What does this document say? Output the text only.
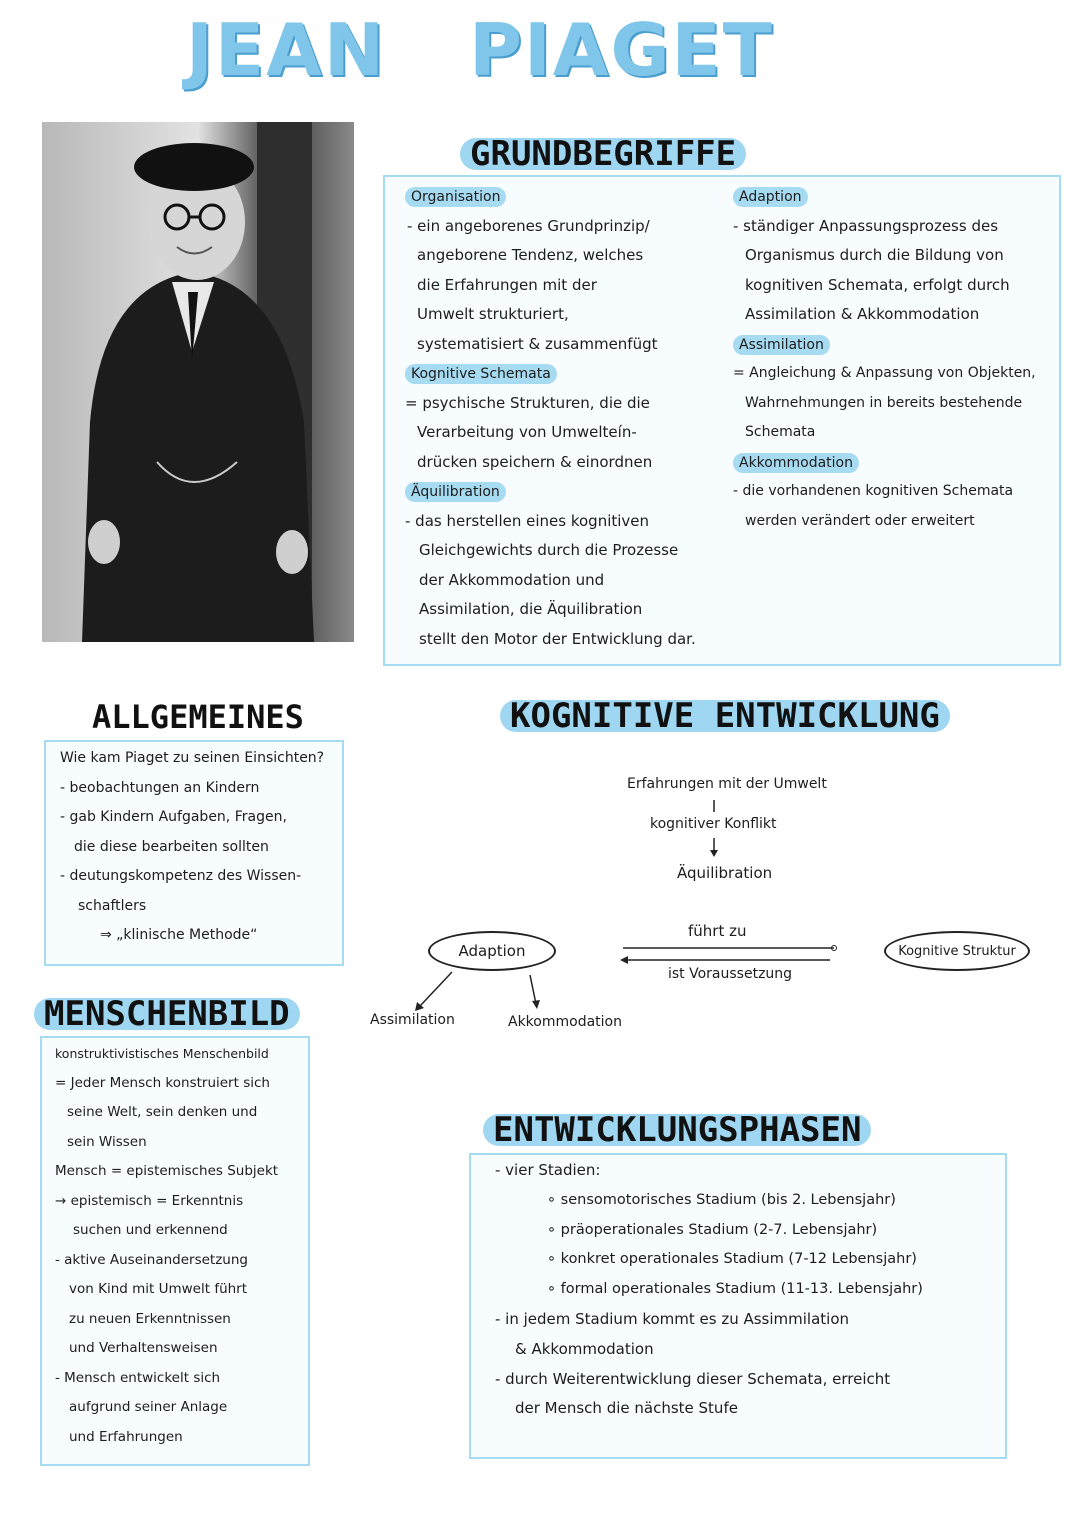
JEAN PIAGET
GRUNDBEGRIFFE
Organisation
- ein angeborenes Grundprinzip/
angeborene Tendenz, welches
die Erfahrungen mit der
Umwelt strukturiert,
systematisiert & zusammenfügt
Kognitive Schemata
= psychische Strukturen, die die
Verarbeitung von Umwelteín-
drücken speichern & einordnen
Äquilibration
- das herstellen eines kognitiven
Gleichgewichts durch die Prozesse
der Akkommodation und
Assimilation, die Äquilibration
stellt den Motor der Entwicklung dar.
Adaption
- ständiger Anpassungsprozess des
Organismus durch die Bildung von
kognitiven Schemata, erfolgt durch
Assimilation & Akkommodation
Assimilation
= Angleichung & Anpassung von Objekten,
Wahrnehmungen in bereits bestehende
Schemata
Akkommodation
- die vorhandenen kognitiven Schemata
werden verändert oder erweitert
ALLGEMEINES
Wie kam Piaget zu seinen Einsichten?
- beobachtungen an Kindern
- gab Kindern Aufgaben, Fragen,
die diese bearbeiten sollten
- deutungskompetenz des Wissen-
schaftlers
⇒ „klinische Methode“
MENSCHENBILD
konstruktivistisches Menschenbild
= Jeder Mensch konstruiert sich
seine Welt, sein denken und
sein Wissen
Mensch = epistemisches Subjekt
→ epistemisch = Erkenntnis
suchen und erkennend
- aktive Auseinandersetzung
von Kind mit Umwelt führt
zu neuen Erkenntnissen
und Verhaltensweisen
- Mensch entwickelt sich
aufgrund seiner Anlage
und Erfahrungen
KOGNITIVE ENTWICKLUNG
Erfahrungen mit der Umwelt
kognitiver Konflikt
Äquilibration
Adaption
führt zu
ist Voraussetzung
Kognitive Struktur
Assimilation	Akkommodation
ENTWICKLUNGSPHASEN
- vier Stadien:
∘ sensomotorisches Stadium (bis 2. Lebensjahr)
∘ präoperationales Stadium (2-7. Lebensjahr)
∘ konkret operationales Stadium (7-12 Lebensjahr)
∘ formal operationales Stadium (11-13. Lebensjahr)
- in jedem Stadium kommt es zu Assimmilation
& Akkommodation
- durch Weiterentwicklung dieser Schemata, erreicht
der Mensch die nächste Stufe
